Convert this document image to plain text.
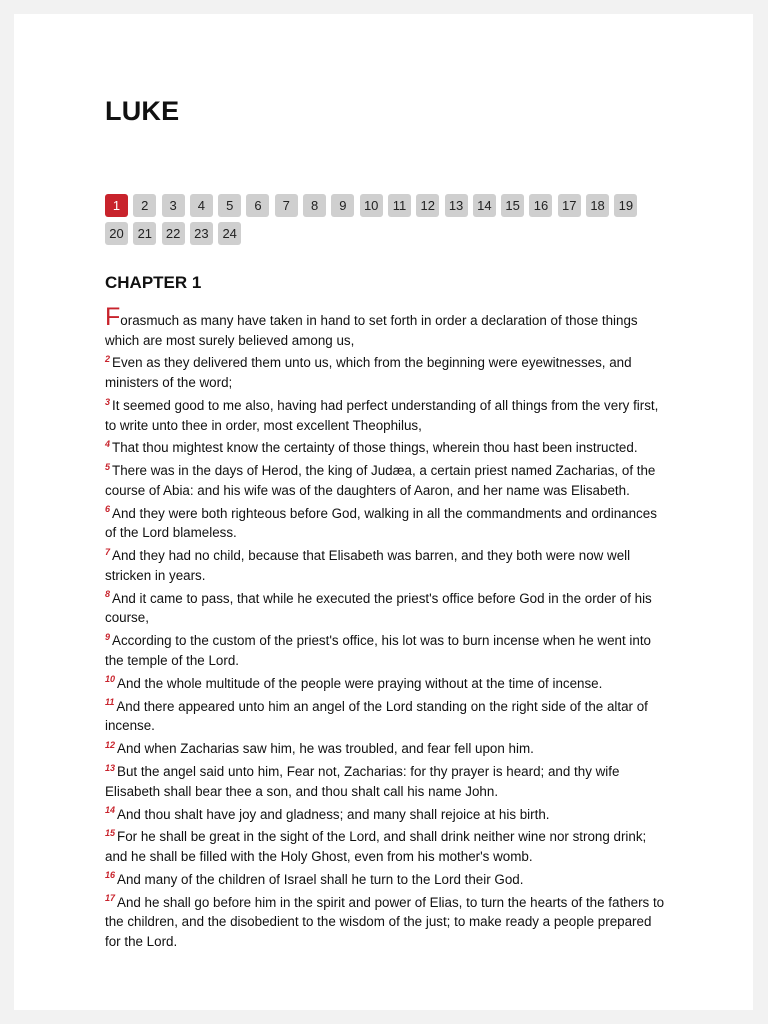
LUKE
1	2	3	4	5	6	7	8	9	10	11	12	13	14	15	16	17	18	19
20	21	22	23	24
CHAPTER 1

Forasmuch as many have taken in hand to set forth in order a declaration of those things which are most surely believed among us,

$^2$ Even as they delivered them unto us, which from the beginning were eyewitnesses, and ministers of the word;

$^3$ It seemed good to me also, having had perfect understanding of all things from the very first, to write unto thee in order, most excellent Theophilus,

$^4$ That thou mightest know the certainty of those things, wherein thou hast been instructed.

$^5$ There was in the days of Herod, the king of Judæa, a certain priest named Zacharias, of the course of Abia: and his wife was of the daughters of Aaron, and her name was Elisabeth.

$^6$ And they were both righteous before God, walking in all the commandments and ordinances of the Lord blameless.

$^7$ And they had no child, because that Elisabeth was barren, and they both were now well stricken in years.

$^8$ And it came to pass, that while he executed the priest's office before God in the order of his course,

$^9$ According to the custom of the priest's office, his lot was to burn incense when he went into the temple of the Lord.

$^{10}$ And the whole multitude of the people were praying without at the time of incense.

$^{11}$ And there appeared unto him an angel of the Lord standing on the right side of the altar of incense.

$^{12}$ And when Zacharias saw him, he was troubled, and fear fell upon him.

$^{13}$ But the angel said unto him, Fear not, Zacharias: for thy prayer is heard; and thy wife Elisabeth shall bear thee a son, and thou shalt call his name John.

$^{14}$ And thou shalt have joy and gladness; and many shall rejoice at his birth.

$^{15}$ For he shall be great in the sight of the Lord, and shall drink neither wine nor strong drink; and he shall be filled with the Holy Ghost, even from his mother's womb.

$^{16}$ And many of the children of Israel shall he turn to the Lord their God.

$^{17}$ And he shall go before him in the spirit and power of Elias, to turn the hearts of the fathers to the children, and the disobedient to the wisdom of the just; to make ready a people prepared for the Lord.
